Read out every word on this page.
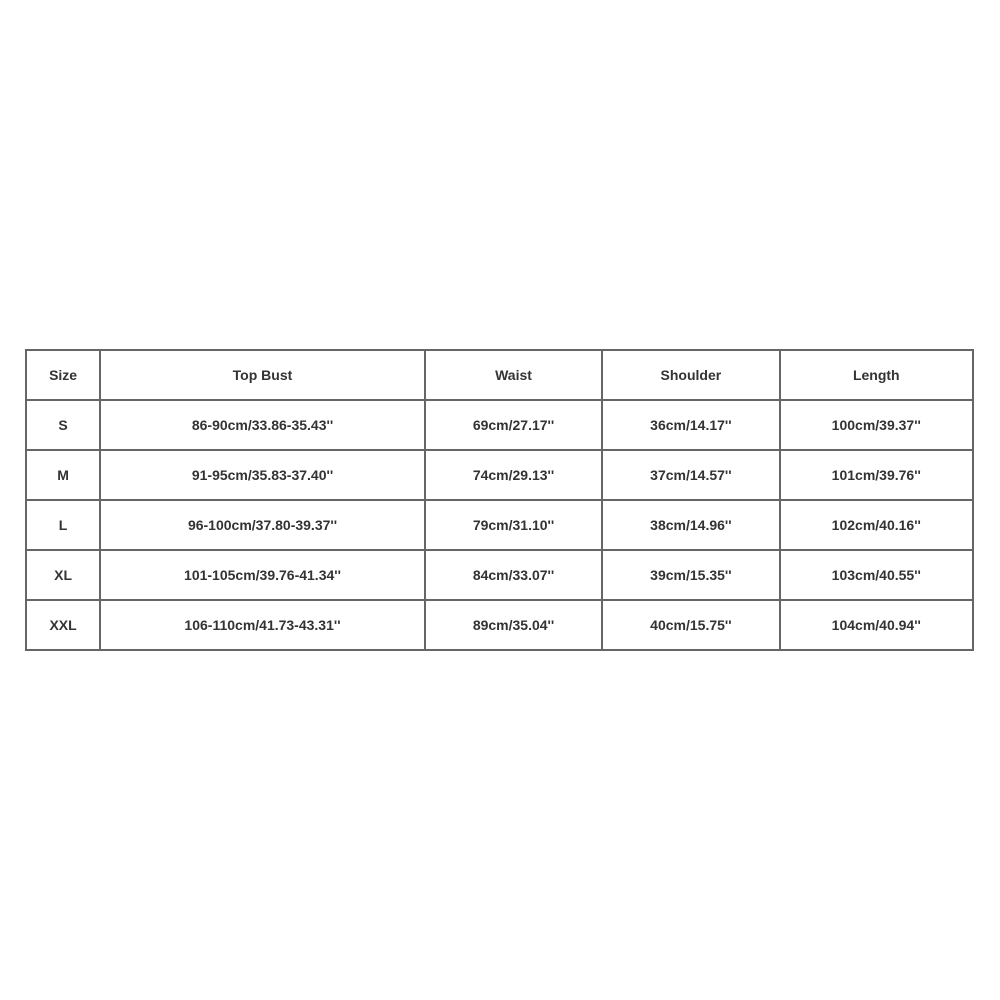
Size	Top Bust	Waist	Shoulder	Length
S	86-90cm/33.86-35.43''	69cm/27.17''	36cm/14.17''	100cm/39.37''
M	91-95cm/35.83-37.40''	74cm/29.13''	37cm/14.57''	101cm/39.76''
L	96-100cm/37.80-39.37''	79cm/31.10''	38cm/14.96''	102cm/40.16''
XL	101-105cm/39.76-41.34''	84cm/33.07''	39cm/15.35''	103cm/40.55''
XXL	106-110cm/41.73-43.31''	89cm/35.04''	40cm/15.75''	104cm/40.94''
